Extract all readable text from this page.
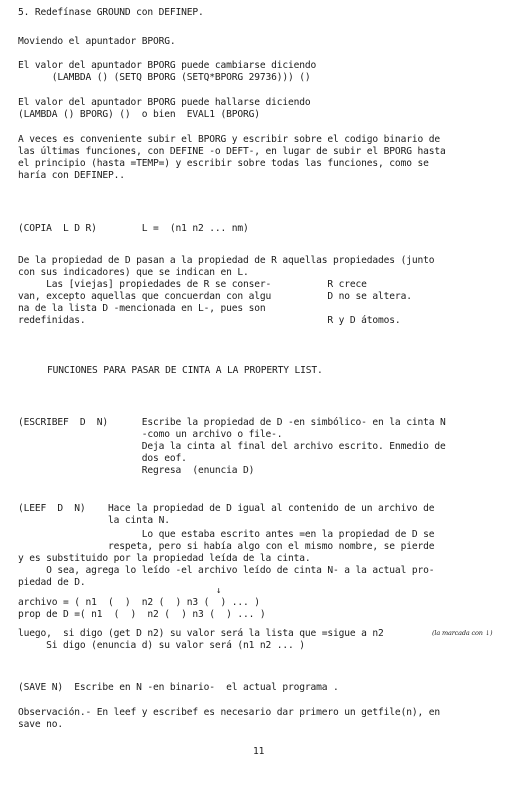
5. Redefínase GROUND con DEFINEP.
Moviendo el apuntador BPORG.
El valor del apuntador BPORG puede cambiarse diciendo
(LAMBDA () (SETQ BPORG (SETQ*BPORG 29736))) ()
El valor del apuntador BPORG puede hallarse diciendo
(LAMBDA () BPORG) ()  o bien  EVAL1 (BPORG)
A veces es conveniente subir el BPORG y escribir sobre el codigo binario de
las últimas funciones, con DEFINE -o DEFT-, en lugar de subir el BPORG hasta
el principio (hasta =TEMP=) y escribir sobre todas las funciones, como se
haría con DEFINEP..
(COPIA  L D R)        L =  (n1 n2 ... nm)
De la propiedad de D pasan a la propiedad de R aquellas propiedades (junto
con sus indicadores) que se indican en L.
Las [viejas] propiedades de R se conser-          R crece
van, excepto aquellas que concuerdan con algu          D no se altera.
na de la lista D -mencionada en L-, pues son
redefinidas.                                           R y D átomos.
FUNCIONES PARA PASAR DE CINTA A LA PROPERTY LIST.
(ESCRIBEF  D  N)      Escribe la propiedad de D -en simbólico- en la cinta N
-como un archivo o file-.
Deja la cinta al final del archivo escrito. Enmedio de
dos eof.
Regresa  (enuncia D)
(LEEF  D  N)    Hace la propiedad de D igual al contenido de un archivo de
la cinta N.
Lo que estaba escrito antes =en la propiedad de D se
respeta, pero si había algo con el mismo nombre, se pierde
y es substituido por la propiedad leída de la cinta.
O sea, agrega lo leído -el archivo leído de cinta N- a la actual pro-
piedad de D.
↓
archivo = ( n1  (  )  n2 (  ) n3 (  ) ... )
prop de D =( n1  (  )  n2 (  ) n3 (  ) ... )
luego,  si digo (get D n2) su valor será la lista que =sigue a n2	(la marcada con ↓)
Si digo (enuncia d) su valor será (n1 n2 ... )
(SAVE N)  Escribe en N -en binario-  el actual programa .
Observación.- En leef y escribef es necesario dar primero un getfile(n), en
save no.
11
